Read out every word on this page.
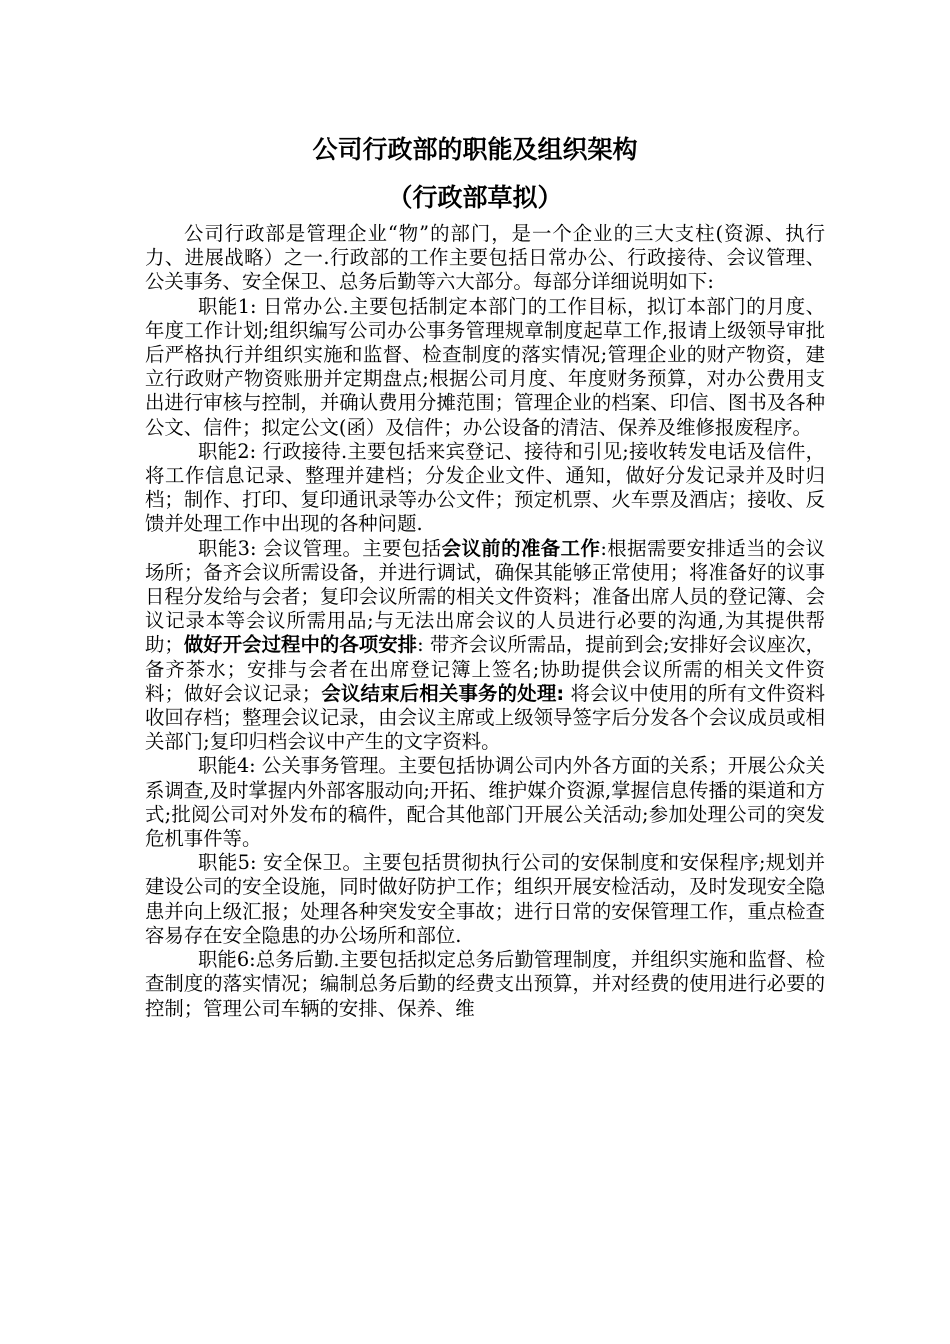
公司行政部的职能及组织架构
（行政部草拟）

公司行政部是管理企业“物”的部门，是一个企业的三大支柱(资源、执行力、进展战略）之一.行政部的工作主要包括日常办公、行政接待、会议管理、公关事务、安全保卫、总务后勤等六大部分。每部分详细说明如下:

职能1: 日常办公.主要包括制定本部门的工作目标，拟订本部门的月度、年度工作计划;组织编写公司办公事务管理规章制度起草工作,报请上级领导审批后严格执行并组织实施和监督、检查制度的落实情况;管理企业的财产物资，建立行政财产物资账册并定期盘点;根据公司月度、年度财务预算，对办公费用支出进行审核与控制，并确认费用分摊范围；管理企业的档案、印信、图书及各种公文、信件；拟定公文(函）及信件；办公设备的清洁、保养及维修报废程序。

职能2: 行政接待.主要包括来宾登记、接待和引见;接收转发电话及信件，将工作信息记录、整理并建档；分发企业文件、通知，做好分发记录并及时归档；制作、打印、复印通讯录等办公文件；预定机票、火车票及酒店；接收、反馈并处理工作中出现的各种问题.

职能3: 会议管理。主要包括会议前的准备工作:根据需要安排适当的会议场所；备齐会议所需设备，并进行调试，确保其能够正常使用；将准备好的议事日程分发给与会者；复印会议所需的相关文件资料；准备出席人员的登记簿、会议记录本等会议所需用品;与无法出席会议的人员进行必要的沟通,为其提供帮助；做好开会过程中的各项安排: 带齐会议所需品，提前到会;安排好会议座次，备齐茶水；安排与会者在出席登记簿上签名;协助提供会议所需的相关文件资料；做好会议记录；会议结束后相关事务的处理: 将会议中使用的所有文件资料收回存档；整理会议记录，由会议主席或上级领导签字后分发各个会议成员或相关部门;复印归档会议中产生的文字资料。

职能4: 公关事务管理。主要包括协调公司内外各方面的关系；开展公众关系调查,及时掌握内外部客服动向;开拓、维护媒介资源,掌握信息传播的渠道和方式;批阅公司对外发布的稿件，配合其他部门开展公关活动;参加处理公司的突发危机事件等。

职能5: 安全保卫。主要包括贯彻执行公司的安保制度和安保程序;规划并建设公司的安全设施，同时做好防护工作；组织开展安检活动，及时发现安全隐患并向上级汇报；处理各种突发安全事故；进行日常的安保管理工作，重点检查容易存在安全隐患的办公场所和部位.

职能6:总务后勤.主要包括拟定总务后勤管理制度，并组织实施和监督、检查制度的落实情况；编制总务后勤的经费支出预算，并对经费的使用进行必要的控制；管理公司车辆的安排、保养、维
